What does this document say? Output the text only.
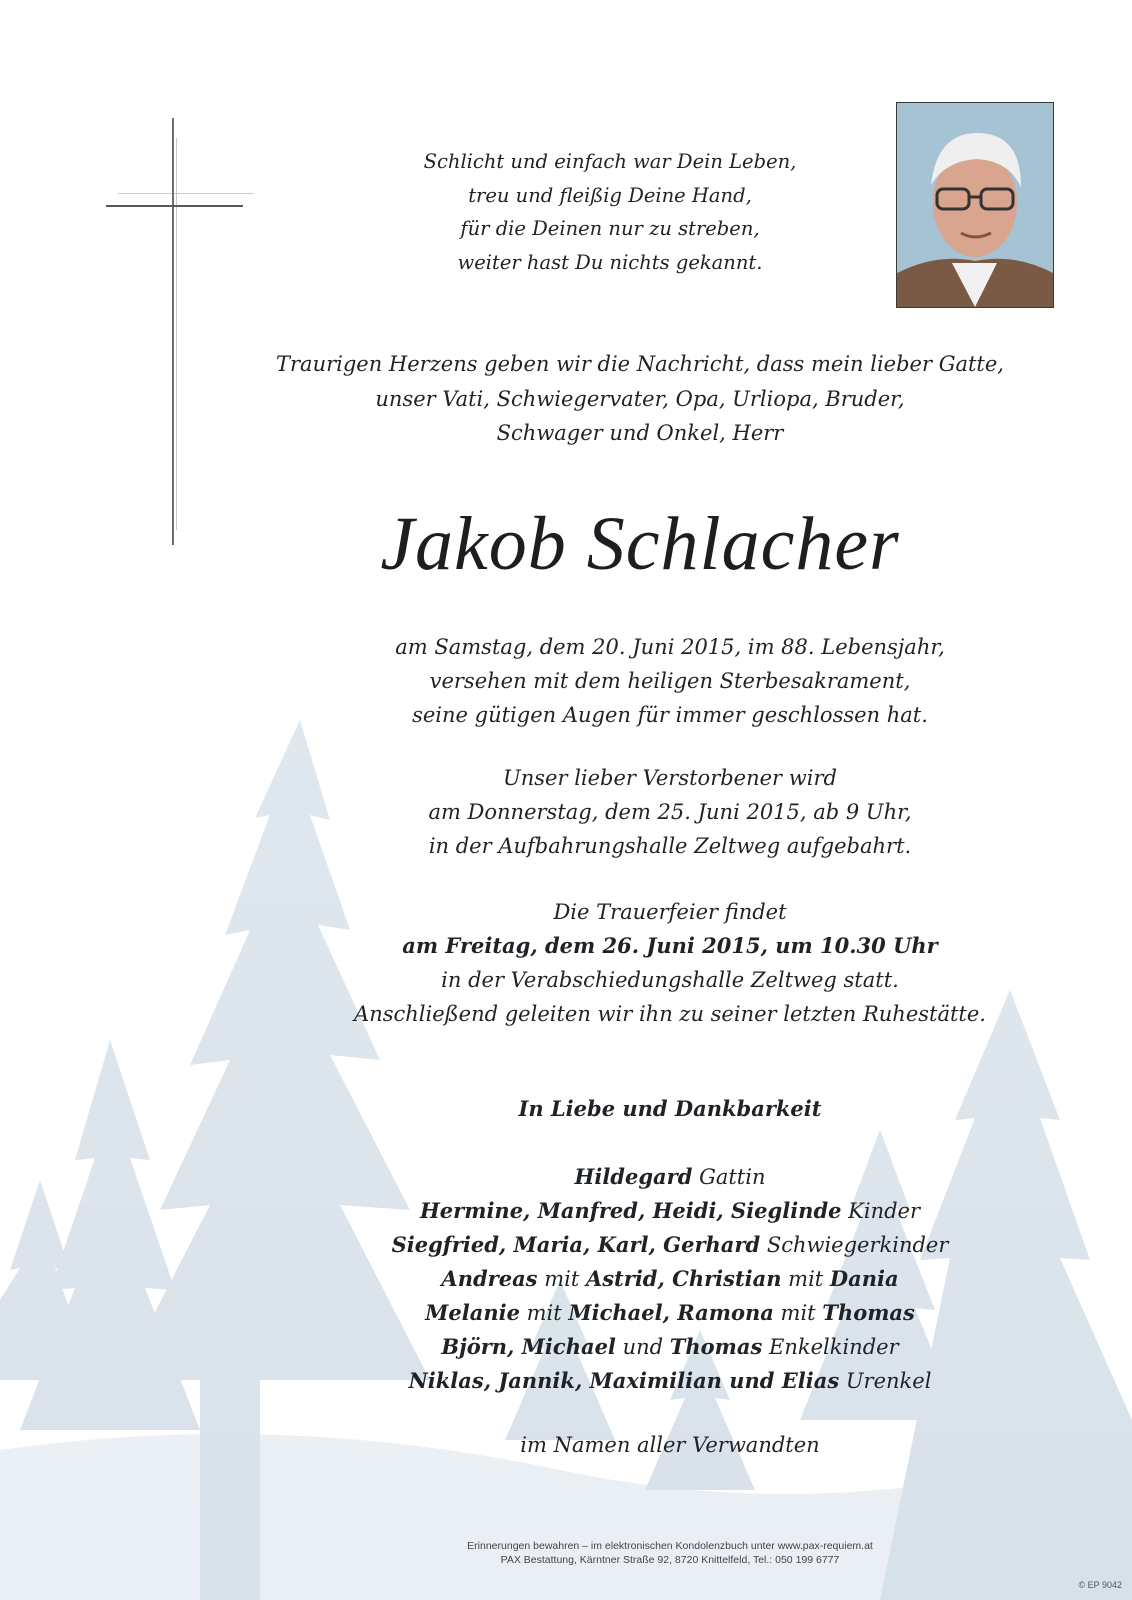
Schlicht und einfach war Dein Leben,
treu und fleißig Deine Hand,
für die Deinen nur zu streben,
weiter hast Du nichts gekannt.
Traurigen Herzens geben wir die Nachricht, dass mein lieber Gatte,
unser Vati, Schwiegervater, Opa, Urliopa, Bruder,
Schwager und Onkel, Herr
Jakob Schlacher
am Samstag, dem 20. Juni 2015, im 88. Lebensjahr,
versehen mit dem heiligen Sterbesakrament,
seine gütigen Augen für immer geschlossen hat.
Unser lieber Verstorbener wird
am Donnerstag, dem 25. Juni 2015, ab 9 Uhr,
in der Aufbahrungshalle Zeltweg aufgebahrt.
Die Trauerfeier findet
am Freitag, dem 26. Juni 2015, um 10.30 Uhr
in der Verabschiedungshalle Zeltweg statt.
Anschließend geleiten wir ihn zu seiner letzten Ruhestätte.
In Liebe und Dankbarkeit
Hildegard Gattin
Hermine, Manfred, Heidi, Sieglinde Kinder
Siegfried, Maria, Karl, Gerhard Schwiegerkinder
Andreas mit Astrid, Christian mit Dania
Melanie mit Michael, Ramona mit Thomas
Björn, Michael und Thomas Enkelkinder
Niklas, Jannik, Maximilian und Elias Urenkel
im Namen aller Verwandten
Erinnerungen bewahren – im elektronischen Kondolenzbuch unter www.pax-requiem.at
PAX Bestattung, Kärntner Straße 92, 8720 Knittelfeld, Tel.: 050 199 6777
© EP 9042
